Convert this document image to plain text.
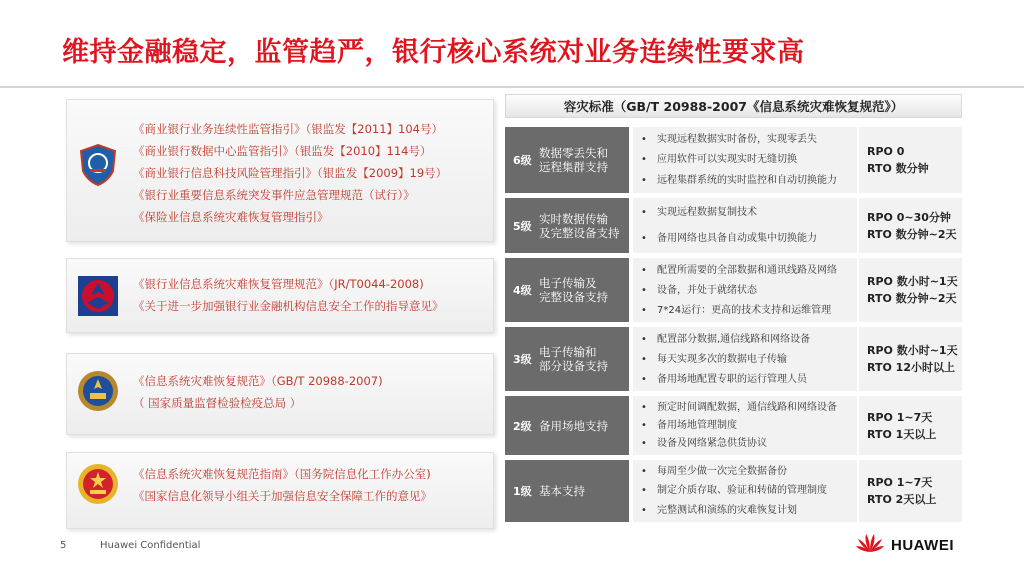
维持金融稳定，监管趋严，银行核心系统对业务连续性要求高
《商业银行业务连续性监管指引》（银监发【2011】104号）
《商业银行数据中心监管指引》（银监发【2010】114号）
《商业银行信息科技风险管理指引》（银监发【2009】19号）
《银行业重要信息系统突发事件应急管理规范（试行）》
《保险业信息系统灾难恢复管理指引》
《银行业信息系统灾难恢复管理规范》（JR/T0044-2008)
《关于进一步加强银行业金融机构信息安全工作的指导意见》
《信息系统灾难恢复规范》（GB/T 20988-2007)
（ 国家质量监督检验检疫总局 ）
《信息系统灾难恢复规范指南》（国务院信息化工作办公室)
《国家信息化领导小组关于加强信息安全保障工作的意见》
容灾标准（GB/T 20988-2007《信息系统灾难恢复规范》）
6级
数据零丢失和
远程集群支持
• 实现远程数据实时备份，实现零丢失
• 应用软件可以实现实时无缝切换
• 远程集群系统的实时监控和自动切换能力
RPO 0
RTO 数分钟
5级
实时数据传输
及完整设备支持
• 实现远程数据复制技术
• 备用网络也具备自动或集中切换能力
RPO 0~30分钟
RTO 数分钟~2天
4级
电子传输及
完整设备支持
• 配置所需要的全部数据和通讯线路及网络
• 设备，并处于就绪状态
• 7*24运行：更高的技术支持和运维管理
RPO 数小时~1天
RTO 数分钟~2天
3级
电子传输和
部分设备支持
• 配置部分数据,通信线路和网络设备
• 每天实现多次的数据电子传输
• 备用场地配置专职的运行管理人员
RPO 数小时~1天
RTO 12小时以上
2级 备用场地支持
• 预定时间调配数据，通信线路和网络设备
• 备用场地管理制度
• 设备及网络紧急供货协议
RPO 1~7天
RTO 1天以上
1级 基本支持
• 每周至少做一次完全数据备份
• 制定介质存取、验证和转储的管理制度
• 完整测试和演练的灾难恢复计划
RPO 1~7天
RTO 2天以上
5	Huawei Confidential	HUAWEI
